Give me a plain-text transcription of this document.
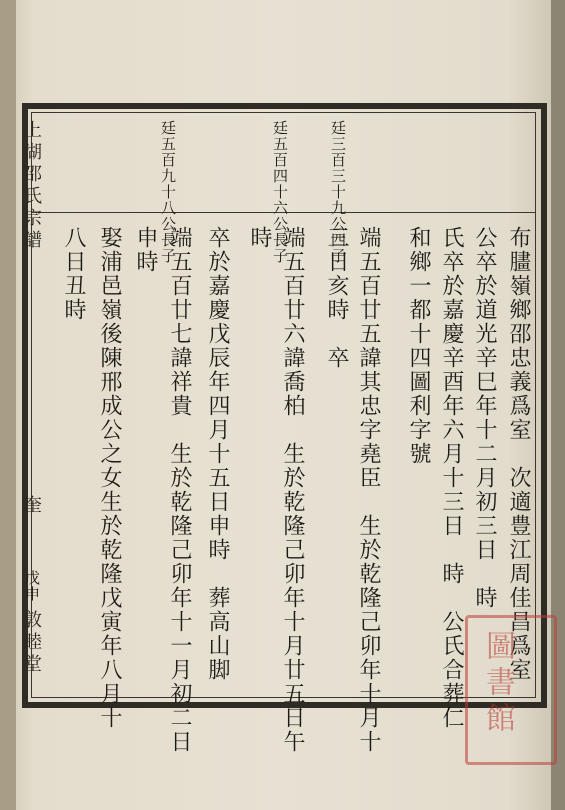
上湖邵氏宗譜
奎
戊申
敦睦堂
廷三百三十九公四子
廷五百四十六公長子
廷五百九十八公長子
布䐸嶺鄉邵忠義爲室　次適豊江周佳昌爲室
公卒於道光辛巳年十二月初三日　時
氏卒於嘉慶辛酉年六月十三日　時　公氏合葬仁
和鄉一都十四圖利字號
端五百廿五諱其忠字堯臣　生於乾隆己卯年十月十
三日亥時　卒
端五百廿六諱喬柏　生於乾隆己卯年十月廿五日午
時
卒於嘉慶戊辰年四月十五日申時　葬高山脚
端五百廿七諱祥貴　生於乾隆己卯年十一月初二日
申時
娶浦邑嶺後陳邢成公之女生於乾隆戊寅年八月十
八日丑時
圖書館
